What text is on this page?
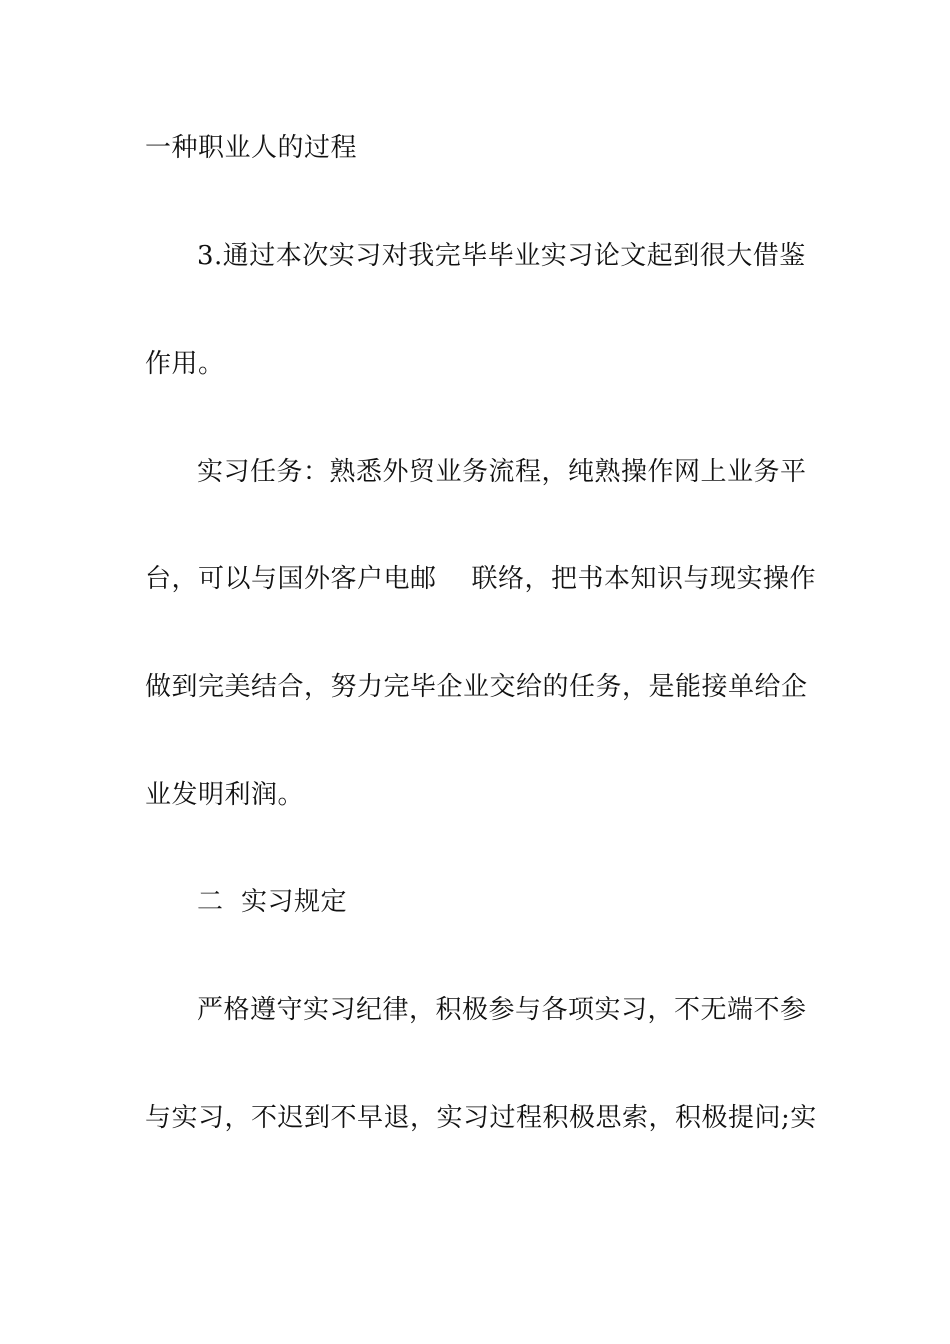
一种职业人的过程
3.通过本次实习对我完毕毕业实习论文起到很大借鉴
作用。
实习任务：熟悉外贸业务流程，纯熟操作网上业务平
台，可以与国外客户电邮    联络，把书本知识与现实操作
做到完美结合，努力完毕企业交给的任务，是能接单给企
业发明利润。
二  实习规定
严格遵守实习纪律，积极参与各项实习，不无端不参
与实习，不迟到不早退，实习过程积极思索，积极提问;实
